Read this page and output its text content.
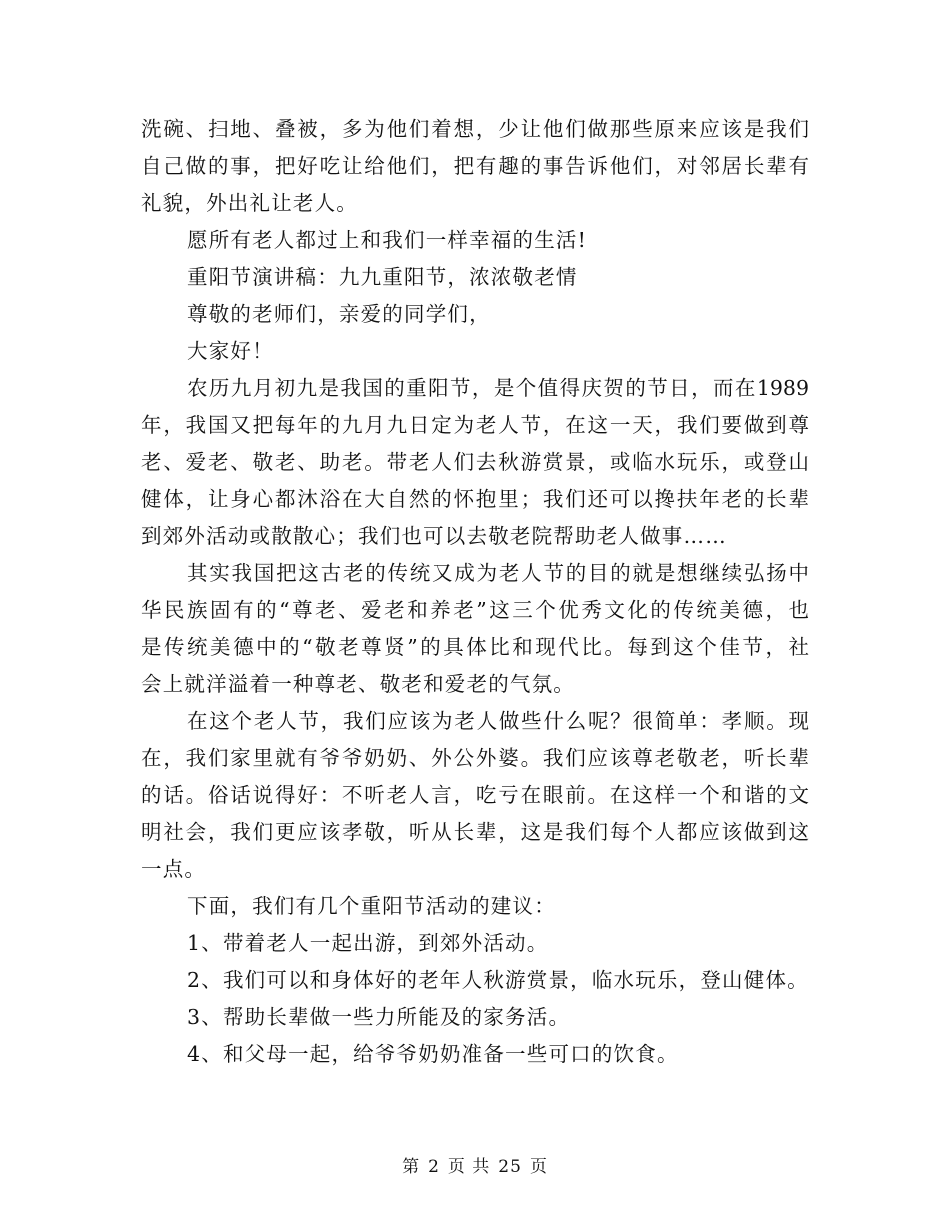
洗碗、扫地、叠被，多为他们着想，少让他们做那些原来应该是我们
自己做的事，把好吃让给他们，把有趣的事告诉他们，对邻居长辈有
礼貌，外出礼让老人。
愿所有老人都过上和我们一样幸福的生活!
重阳节演讲稿：九九重阳节，浓浓敬老情
尊敬的老师们，亲爱的同学们，
大家好！
农历九月初九是我国的重阳节，是个值得庆贺的节日，而在1989
年，我国又把每年的九月九日定为老人节，在这一天，我们要做到尊
老、爱老、敬老、助老。带老人们去秋游赏景，或临水玩乐，或登山
健体，让身心都沐浴在大自然的怀抱里；我们还可以搀扶年老的长辈
到郊外活动或散散心；我们也可以去敬老院帮助老人做事……
其实我国把这古老的传统又成为老人节的目的就是想继续弘扬中
华民族固有的“尊老、爱老和养老”这三个优秀文化的传统美德，也
是传统美德中的“敬老尊贤”的具体比和现代比。每到这个佳节，社
会上就洋溢着一种尊老、敬老和爱老的气氛。
在这个老人节，我们应该为老人做些什么呢？很简单：孝顺。现
在，我们家里就有爷爷奶奶、外公外婆。我们应该尊老敬老，听长辈
的话。俗话说得好：不听老人言，吃亏在眼前。在这样一个和谐的文
明社会，我们更应该孝敬，听从长辈，这是我们每个人都应该做到这
一点。
下面，我们有几个重阳节活动的建议：
1、带着老人一起出游，到郊外活动。
2、我们可以和身体好的老年人秋游赏景，临水玩乐，登山健体。
3、帮助长辈做一些力所能及的家务活。
4、和父母一起，给爷爷奶奶准备一些可口的饮食。
第 2 页 共 25 页
